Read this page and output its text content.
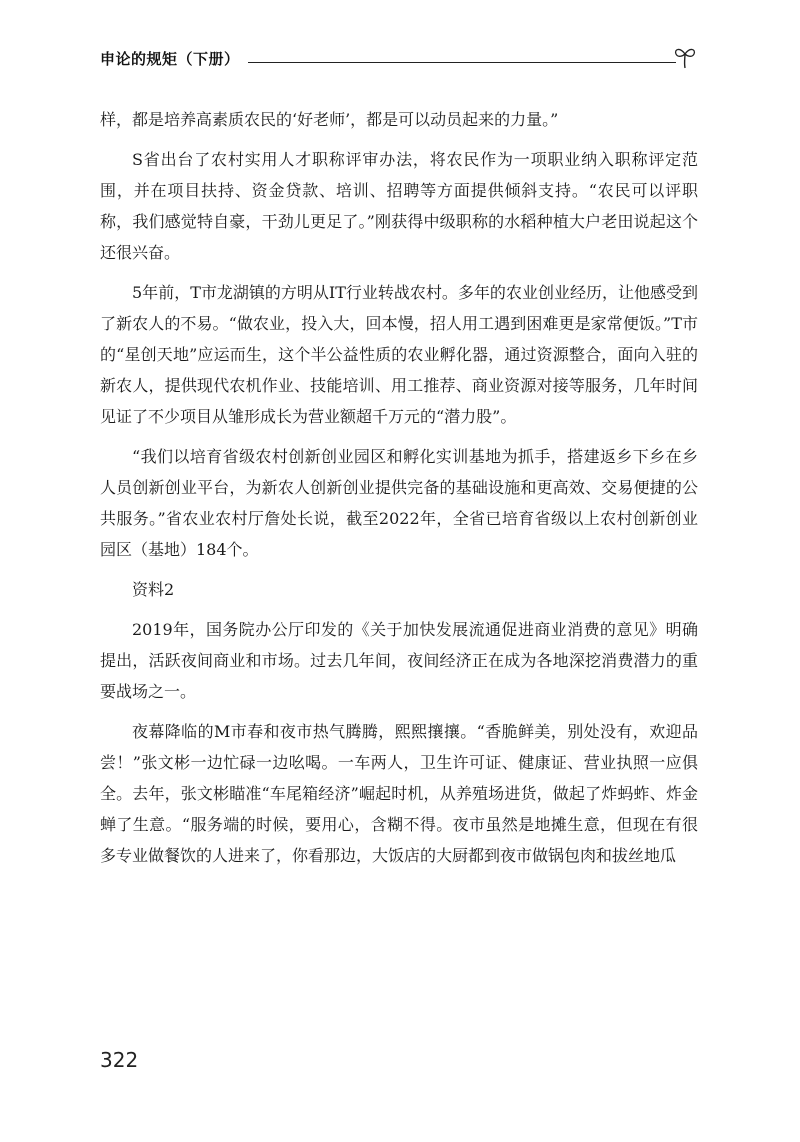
申论的规矩（下册）

样，都是培养高素质农民的‘好老师’，都是可以动员起来的力量。”

S省出台了农村实用人才职称评审办法，将农民作为一项职业纳入职称评定范围，并在项目扶持、资金贷款、培训、招聘等方面提供倾斜支持。“农民可以评职称，我们感觉特自豪，干劲儿更足了。”刚获得中级职称的水稻种植大户老田说起这个还很兴奋。

5年前，T市龙湖镇的方明从IT行业转战农村。多年的农业创业经历，让他感受到了新农人的不易。“做农业，投入大，回本慢，招人用工遇到困难更是家常便饭。”T市的“星创天地”应运而生，这个半公益性质的农业孵化器，通过资源整合，面向入驻的新农人，提供现代农机作业、技能培训、用工推荐、商业资源对接等服务，几年时间见证了不少项目从雏形成长为营业额超千万元的“潜力股”。

“我们以培育省级农村创新创业园区和孵化实训基地为抓手，搭建返乡下乡在乡人员创新创业平台，为新农人创新创业提供完备的基础设施和更高效、交易便捷的公共服务。”省农业农村厅詹处长说，截至2022年，全省已培育省级以上农村创新创业园区（基地）184个。

资料2

2019年，国务院办公厅印发的《关于加快发展流通促进商业消费的意见》明确提出，活跃夜间商业和市场。过去几年间，夜间经济正在成为各地深挖消费潜力的重要战场之一。

夜幕降临的M市春和夜市热气腾腾，熙熙攘攘。“香脆鲜美，别处没有，欢迎品尝！”张文彬一边忙碌一边吆喝。一车两人，卫生许可证、健康证、营业执照一应俱全。去年，张文彬瞄准“车尾箱经济”崛起时机，从养殖场进货，做起了炸蚂蚱、炸金蝉了生意。“服务端的时候，要用心，含糊不得。夜市虽然是地摊生意，但现在有很多专业做餐饮的人进来了，你看那边，大饭店的大厨都到夜市做锅包肉和拔丝地瓜

322
